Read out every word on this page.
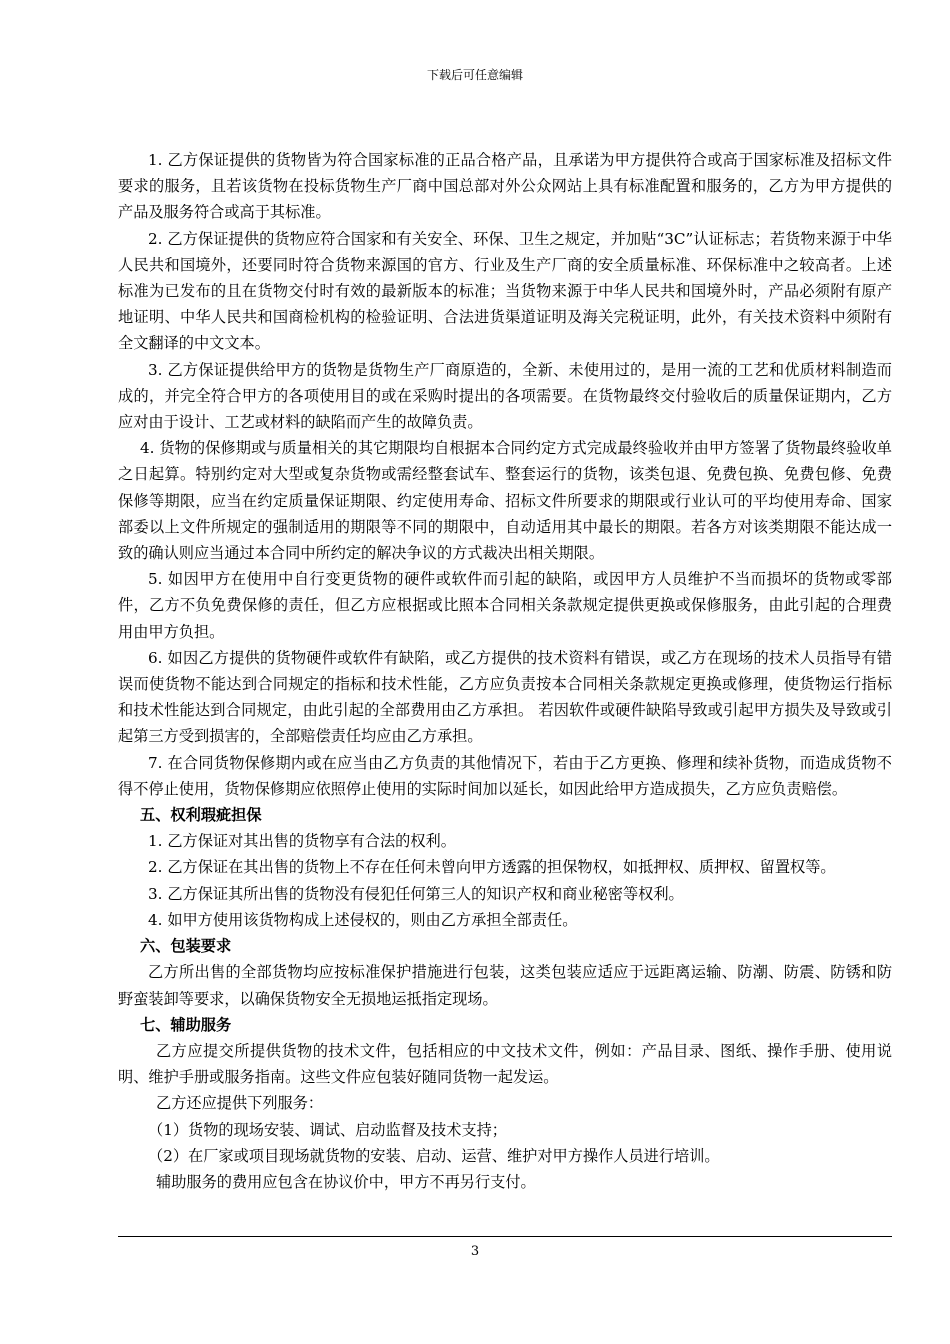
下载后可任意编辑

1. 乙方保证提供的货物皆为符合国家标准的正品合格产品，且承诺为甲方提供符合或高于国家标准及招标文件要求的服务，且若该货物在投标货物生产厂商中国总部对外公众网站上具有标准配置和服务的，乙方为甲方提供的产品及服务符合或高于其标准。

2. 乙方保证提供的货物应符合国家和有关安全、环保、卫生之规定，并加贴“3C”认证标志；若货物来源于中华人民共和国境外，还要同时符合货物来源国的官方、行业及生产厂商的安全质量标准、环保标准中之较高者。上述标准为已发布的且在货物交付时有效的最新版本的标准；当货物来源于中华人民共和国境外时，产品必须附有原产地证明、中华人民共和国商检机构的检验证明、合法进货渠道证明及海关完税证明，此外，有关技术资料中须附有全文翻译的中文文本。

3. 乙方保证提供给甲方的货物是货物生产厂商原造的，全新、未使用过的，是用一流的工艺和优质材料制造而成的，并完全符合甲方的各项使用目的或在采购时提出的各项需要。在货物最终交付验收后的质量保证期内，乙方应对由于设计、工艺或材料的缺陷而产生的故障负责。

4. 货物的保修期或与质量相关的其它期限均自根据本合同约定方式完成最终验收并由甲方签署了货物最终验收单之日起算。特别约定对大型或复杂货物或需经整套试车、整套运行的货物，该类包退、免费包换、免费包修、免费保修等期限，应当在约定质量保证期限、约定使用寿命、招标文件所要求的期限或行业认可的平均使用寿命、国家部委以上文件所规定的强制适用的期限等不同的期限中，自动适用其中最长的期限。若各方对该类期限不能达成一致的确认则应当通过本合同中所约定的解决争议的方式裁决出相关期限。

5. 如因甲方在使用中自行变更货物的硬件或软件而引起的缺陷，或因甲方人员维护不当而损坏的货物或零部件，乙方不负免费保修的责任，但乙方应根据或比照本合同相关条款规定提供更换或保修服务，由此引起的合理费用由甲方负担。

6. 如因乙方提供的货物硬件或软件有缺陷，或乙方提供的技术资料有错误，或乙方在现场的技术人员指导有错误而使货物不能达到合同规定的指标和技术性能，乙方应负责按本合同相关条款规定更换或修理，使货物运行指标和技术性能达到合同规定，由此引起的全部费用由乙方承担。 若因软件或硬件缺陷导致或引起甲方损失及导致或引起第三方受到损害的，全部赔偿责任均应由乙方承担。

7. 在合同货物保修期内或在应当由乙方负责的其他情况下，若由于乙方更换、修理和续补货物，而造成货物不得不停止使用，货物保修期应依照停止使用的实际时间加以延长，如因此给甲方造成损失，乙方应负责赔偿。

五、权利瑕疵担保

1. 乙方保证对其出售的货物享有合法的权利。

2. 乙方保证在其出售的货物上不存在任何未曾向甲方透露的担保物权，如抵押权、质押权、留置权等。

3. 乙方保证其所出售的货物没有侵犯任何第三人的知识产权和商业秘密等权利。

4. 如甲方使用该货物构成上述侵权的，则由乙方承担全部责任。

六、包装要求

乙方所出售的全部货物均应按标准保护措施进行包装，这类包装应适应于远距离运输、防潮、防震、防锈和防野蛮装卸等要求，以确保货物安全无损地运抵指定现场。

七、辅助服务

乙方应提交所提供货物的技术文件，包括相应的中文技术文件，例如：产品目录、图纸、操作手册、使用说明、维护手册或服务指南。这些文件应包装好随同货物一起发运。

乙方还应提供下列服务：

（1）货物的现场安装、调试、启动监督及技术支持；

（2）在厂家或项目现场就货物的安装、启动、运营、维护对甲方操作人员进行培训。

辅助服务的费用应包含在协议价中，甲方不再另行支付。

3
